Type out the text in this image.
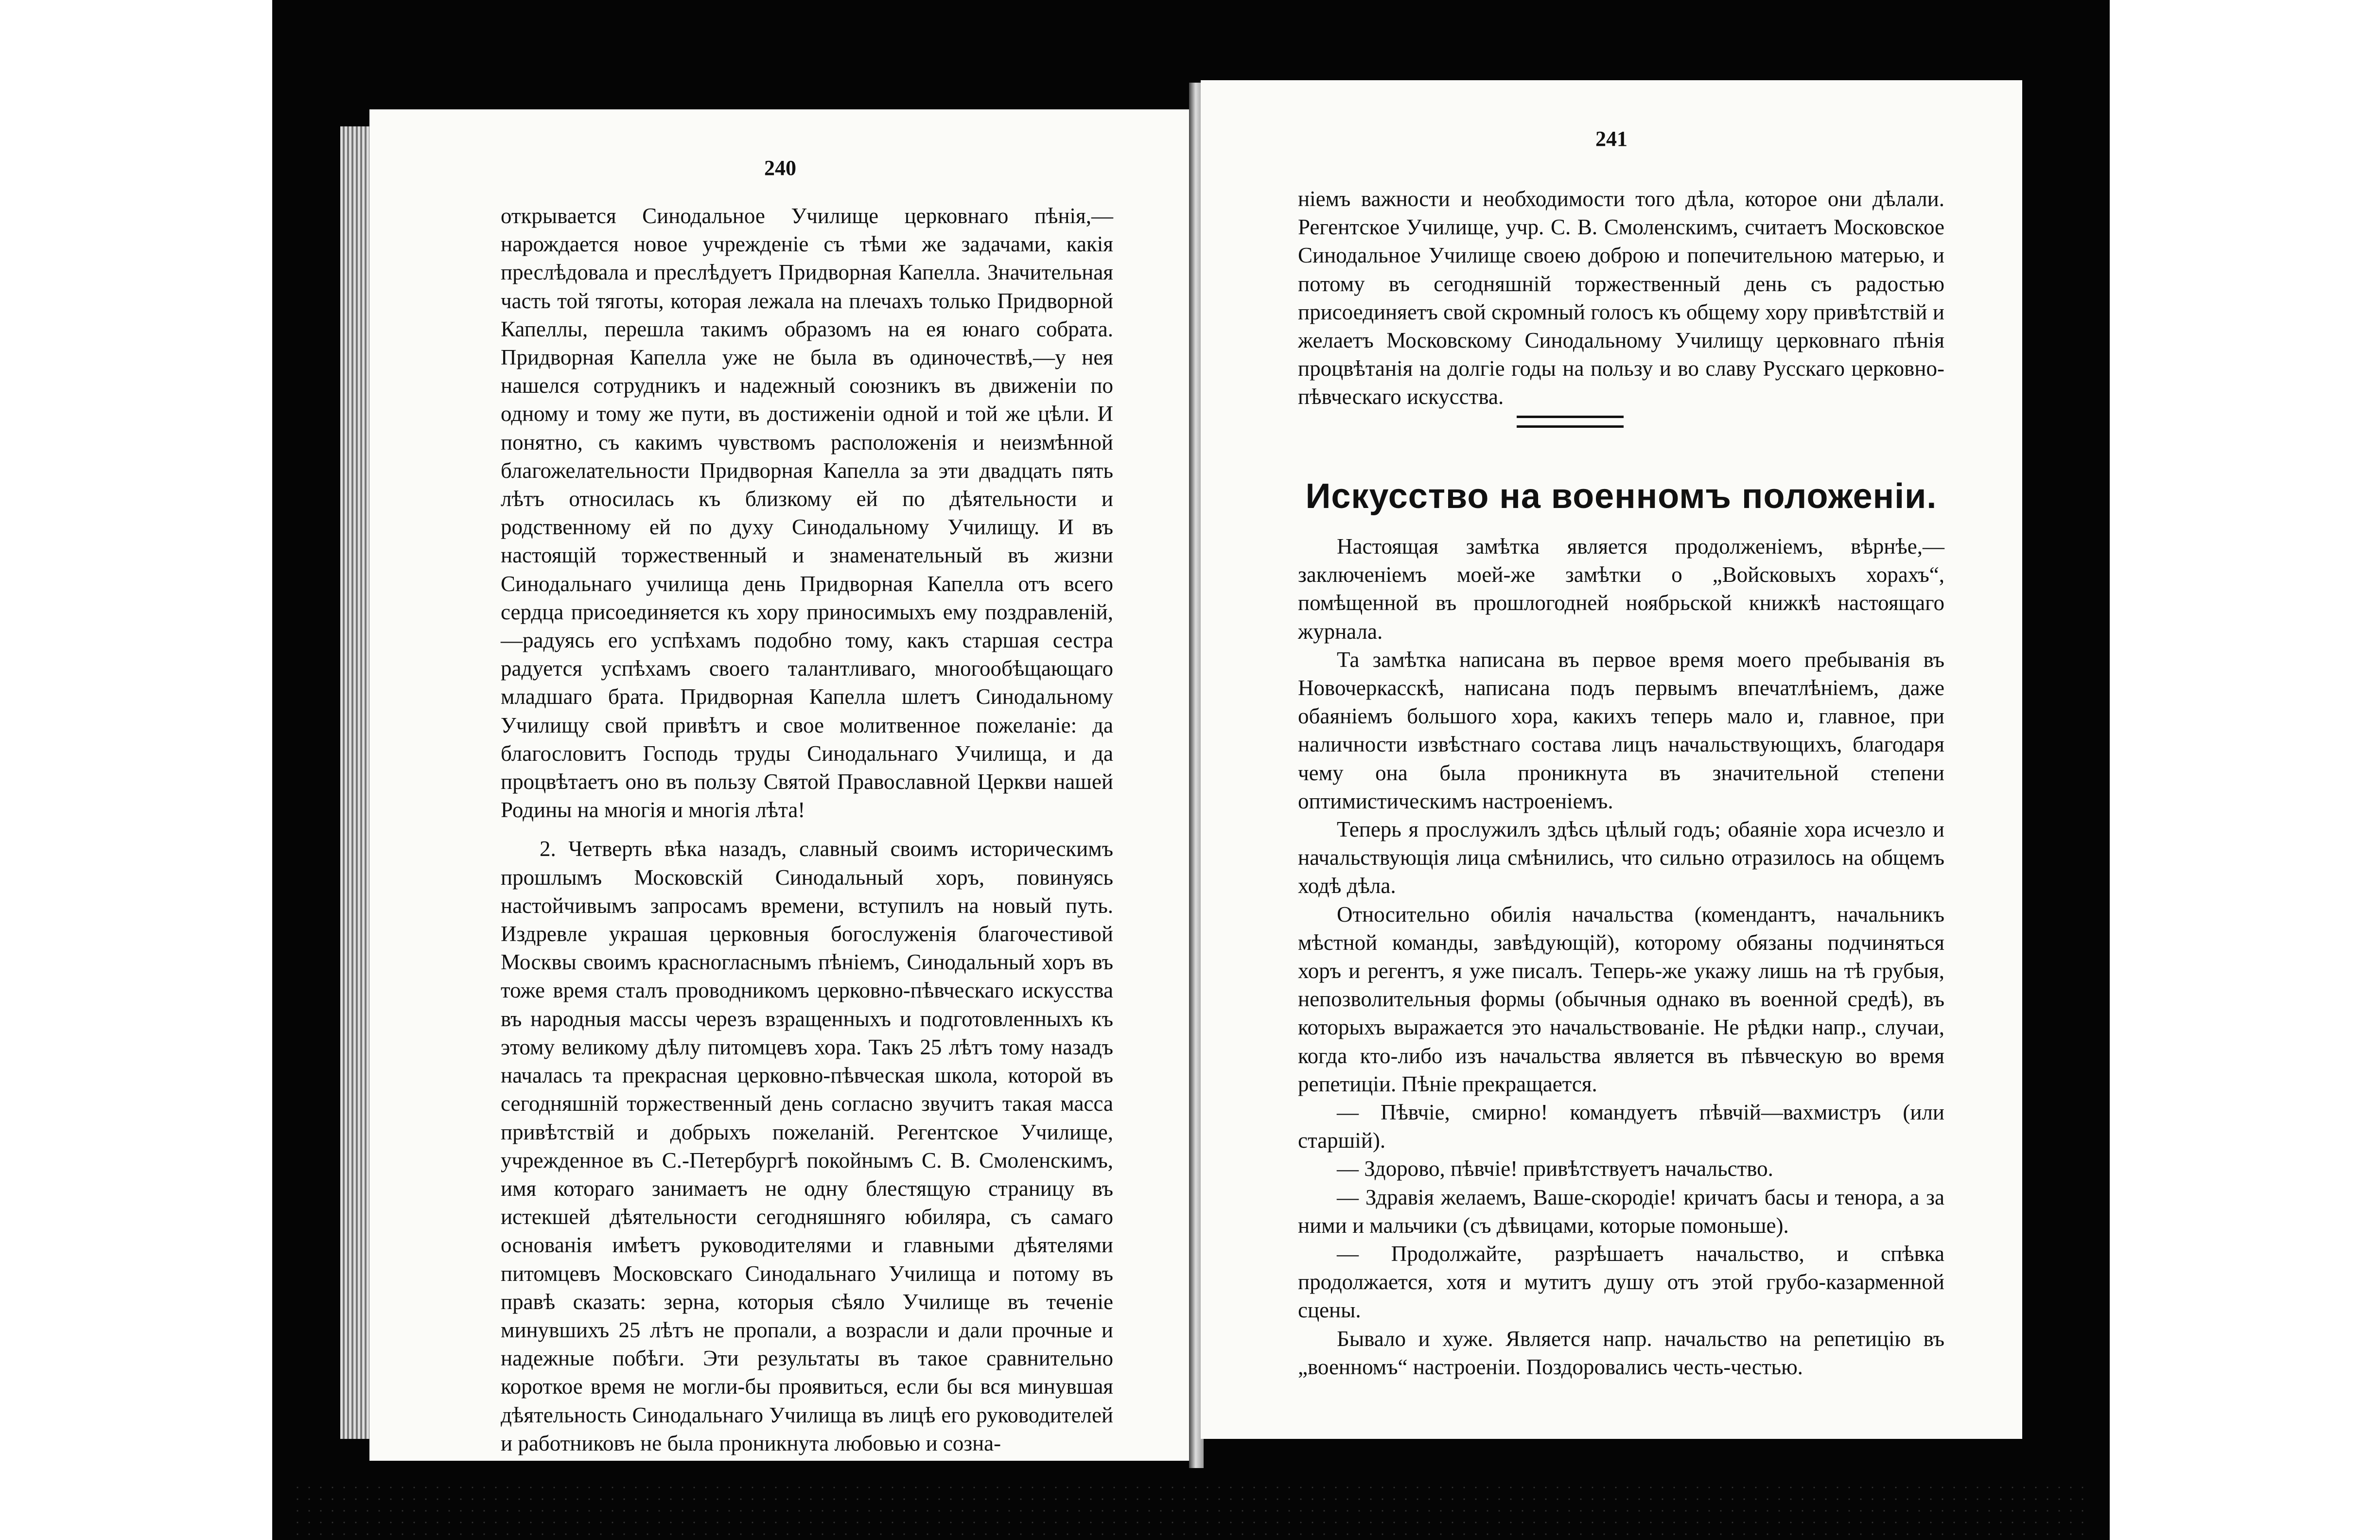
240

открывается Синодальное Училище церковнаго пѣнія,—нарождается новое учрежденіе съ тѣми же задачами, какія преслѣдовала и преслѣдуетъ Придворная Капелла. Значительная часть той тяготы, которая лежала на плечахъ только Придворной Капеллы, перешла такимъ образомъ на ея юнаго собрата. Придворная Капелла уже не была въ одиночествѣ,—у нея нашелся сотрудникъ и надежный союзникъ въ движеніи по одному и тому же пути, въ достиженіи одной и той же цѣли. И понятно, съ какимъ чувствомъ расположенія и неизмѣнной благожелательности Придворная Капелла за эти двадцать пять лѣтъ относилась къ близкому ей по дѣятельности и родственному ей по духу Синодальному Училищу. И въ настоящій торжественный и знаменательный въ жизни Синодальнаго училища день Придворная Капелла отъ всего сердца присоединяется къ хору приносимыхъ ему поздравленій,—радуясь его успѣхамъ подобно тому, какъ старшая сестра радуется успѣхамъ своего талантливаго, многообѣщающаго младшаго брата. Придворная Капелла шлетъ Синодальному Училищу свой привѣтъ и свое молитвенное пожеланіе: да благословитъ Господь труды Синодальнаго Училища, и да процвѣтаетъ оно въ пользу Святой Православной Церкви нашей Родины на многія и многія лѣта!

2. Четверть вѣка назадъ, славный своимъ историческимъ прошлымъ Московскій Синодальный хоръ, повинуясь настойчивымъ запросамъ времени, вступилъ на новый путь. Издревле украшая церковныя богослуженія благочестивой Москвы своимъ красногласнымъ пѣніемъ, Синодальный хоръ въ тоже время сталъ проводникомъ церковно-пѣвческаго искусства въ народныя массы черезъ взращенныхъ и подготовленныхъ къ этому великому дѣлу питомцевъ хора. Такъ 25 лѣтъ тому назадъ началась та прекрасная церковно-пѣвческая школа, которой въ сегодняшній торжественный день согласно звучитъ такая масса привѣтствій и добрыхъ пожеланій. Регентское Училище, учрежденное въ С.-Петербургѣ покойнымъ С. В. Смоленскимъ, имя котораго занимаетъ не одну блестящую страницу въ истекшей дѣятельности сегодняшняго юбиляра, съ самаго основанія имѣетъ руководителями и главными дѣятелями питомцевъ Московскаго Синодальнаго Училища и потому въ правѣ сказать: зерна, которыя сѣяло Училище въ теченіе минувшихъ 25 лѣтъ не пропали, а возрасли и дали прочные и надежные побѣги. Эти результаты въ такое сравнительно короткое время не могли-бы проявиться, если бы вся минувшая дѣятельность Синодальнаго Училища въ лицѣ его руководителей и работниковъ не была проникнута любовью и созна-

241

ніемъ важности и необходимости того дѣла, которое они дѣлали. Регентское Училище, учр. С. В. Смоленскимъ, считаетъ Московское Синодальное Училище своею доброю и попечительною матерью, и потому въ сегодняшній торжественный день съ радостью присоединяетъ свой скромный голосъ къ общему хору привѣтствій и желаетъ Московскому Синодальному Училищу церковнаго пѣнія процвѣтанія на долгіе годы на пользу и во славу Русскаго церковно-пѣвческаго искусства.

Искусство на военномъ положеніи.

Настоящая замѣтка является продолженіемъ, вѣрнѣе,—заключеніемъ моей-же замѣтки о „Войсковыхъ хорахъ“, помѣщенной въ прошлогодней ноябрьской книжкѣ настоящаго журнала.

Та замѣтка написана въ первое время моего пребыванія въ Новочеркасскѣ, написана подъ первымъ впечатлѣніемъ, даже обаяніемъ большого хора, какихъ теперь мало и, главное, при наличности извѣстнаго состава лицъ начальствующихъ, благодаря чему она была проникнута въ значительной степени оптимистическимъ настроеніемъ.

Теперь я прослужилъ здѣсь цѣлый годъ; обаяніе хора исчезло и начальствующія лица смѣнились, что сильно отразилось на общемъ ходѣ дѣла.

Относительно обилія начальства (комендантъ, начальникъ мѣстной команды, завѣдующій), которому обязаны подчиняться хоръ и регентъ, я уже писалъ. Теперь-же укажу лишь на тѣ грубыя, непозволительныя формы (обычныя однако въ военной средѣ), въ которыхъ выражается это начальствованіе. Не рѣдки напр., случаи, когда кто-либо изъ начальства является въ пѣвческую во время репетиціи. Пѣніе прекращается.

— Пѣвчіе, смирно! командуетъ пѣвчій—вахмистръ (или старшій).

— Здорово, пѣвчіе! привѣтствуетъ начальство.

— Здравія желаемъ, Ваше-скородіе! кричатъ басы и тенора, а за ними и мальчики (съ дѣвицами, которые помоньше).

— Продолжайте, разрѣшаетъ начальство, и спѣвка продолжается, хотя и мутитъ душу отъ этой грубо-казарменной сцены.

Бывало и хуже. Является напр. начальство на репетицію въ „военномъ“ настроеніи. Поздоровались честь-честью.
